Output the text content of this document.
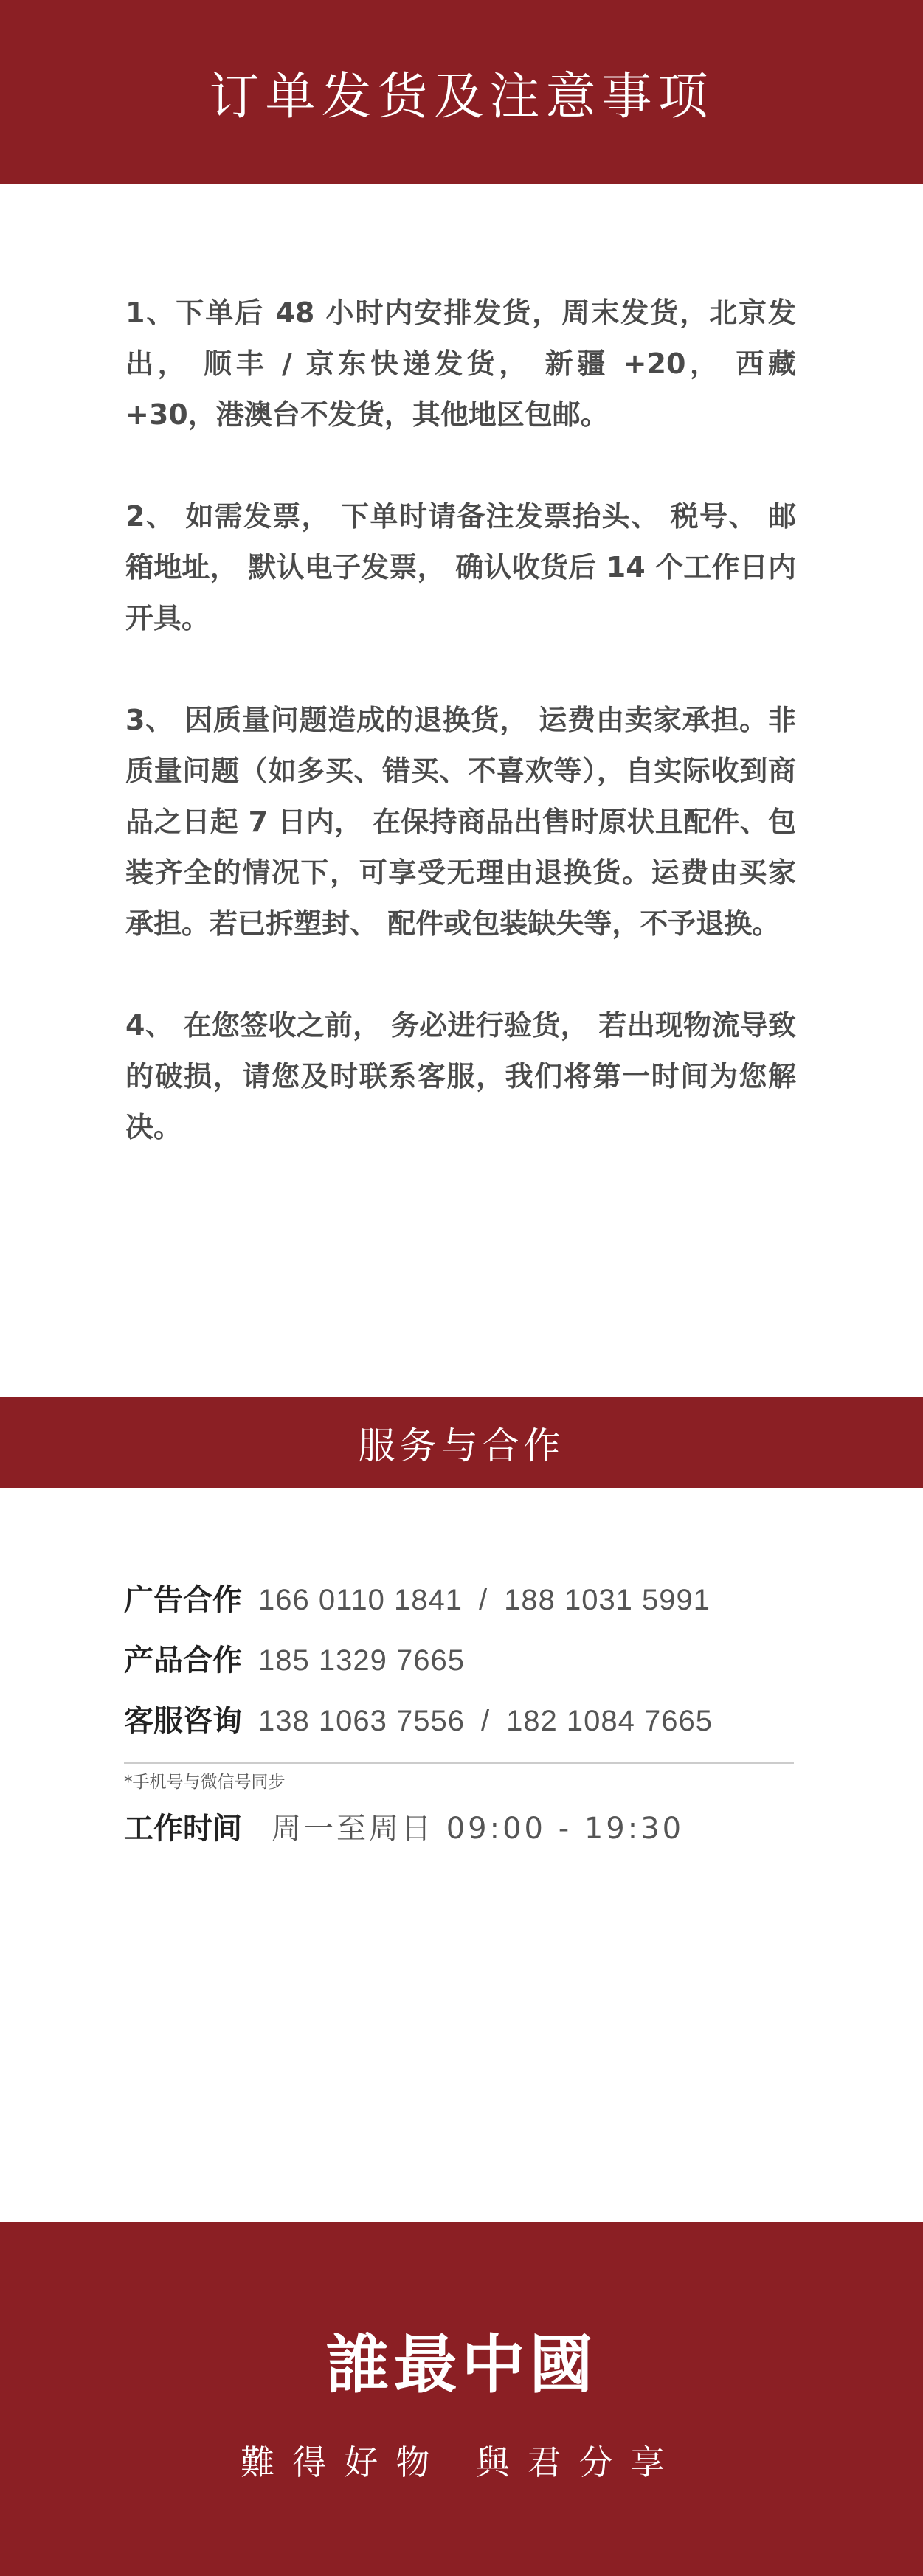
订单发货及注意事项

1、下单后 48 小时内安排发货，周末发货，北京发出， 顺丰 / 京东快递发货， 新疆 +20， 西藏 +30，港澳台不发货，其他地区包邮。

2、 如需发票， 下单时请备注发票抬头、 税号、 邮箱地址， 默认电子发票， 确认收货后 14 个工作日内开具。

3、 因质量问题造成的退换货， 运费由卖家承担。非质量问题（如多买、错买、不喜欢等），自实际收到商品之日起 7 日内， 在保持商品出售时原状且配件、包装齐全的情况下，可享受无理由退换货。运费由买家承担。若已拆塑封、 配件或包装缺失等，不予退换。

4、 在您签收之前， 务必进行验货， 若出现物流导致的破损，请您及时联系客服，我们将第一时间为您解决。

服务与合作
广告合作 166 0110 1841 / 188 1031 5991
产品合作 185 1329 7665
客服咨询 138 1063 7556 / 182 1084 7665
*手机号与微信号同步
工作时间 周一至周日 09:00 - 19:30
誰最中國
難得好物 與君分享
